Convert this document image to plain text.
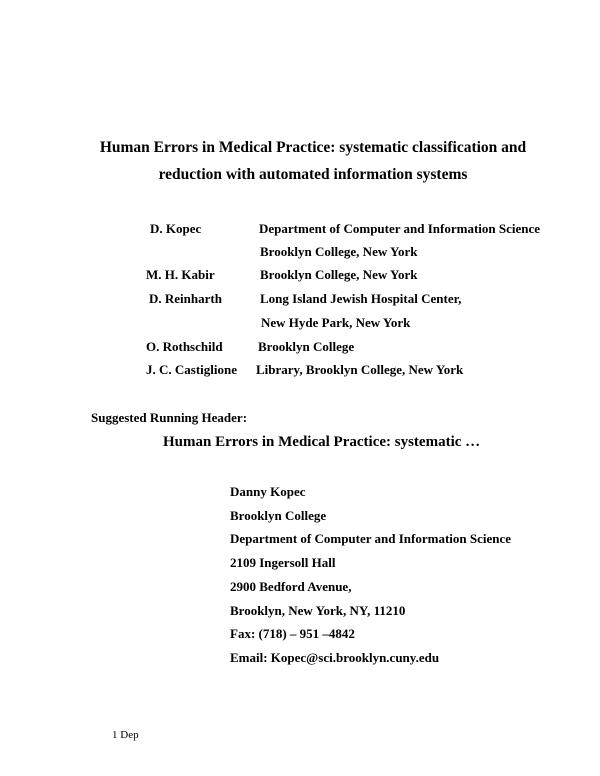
Human Errors in Medical Practice: systematic classification and
reduction with automated information systems
D. Kopec	Department of Computer and Information Science
Brooklyn College, New York
M. H. Kabir	Brooklyn College, New York
D. Reinharth	Long Island Jewish Hospital Center,
New Hyde Park, New York
O. Rothschild	Brooklyn College
J. C. Castiglione Library, Brooklyn College, New York
Suggested Running Header:
Human Errors in Medical Practice: systematic …
Danny Kopec
Brooklyn College
Department of Computer and Information Science
2109 Ingersoll Hall
2900 Bedford Avenue,
Brooklyn, New York, NY, 11210
Fax: (718) – 951 –4842
Email: Kopec@sci.brooklyn.cuny.edu
1 Dep
